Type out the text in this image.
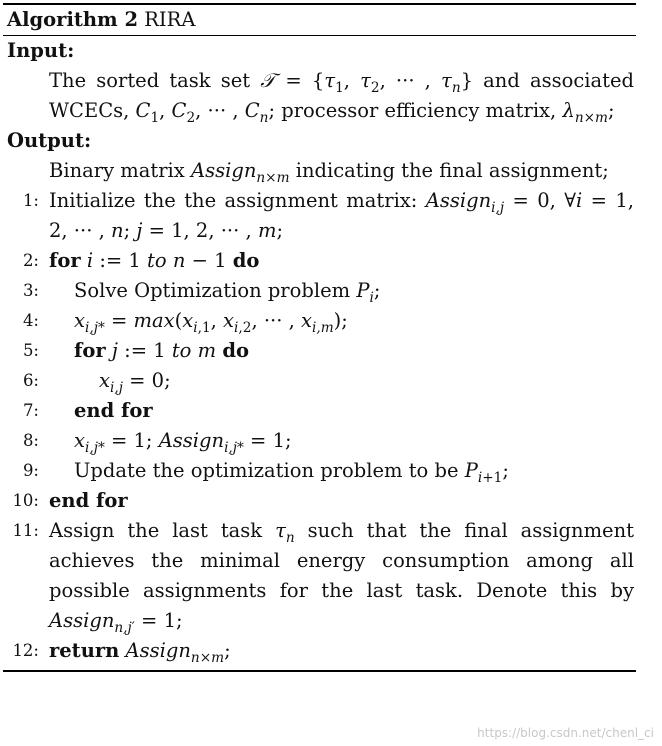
Algorithm 2 RIRA
Input:
The sorted task set 𝒯 = {$\tau_1$, $\tau_2$, ··· , $\tau_n$} and associated WCECs, $C_1$, $C_2$, ··· , $C_n$; processor efficiency matrix, $\lambda_{n\times m}$;
Output:
Binary matrix Assign$_{n\times m}$ indicating the final assignment;
1: Initialize the the assignment matrix: Assign$_{i,j}$ = 0, ∀i = 1, 2, ··· , n; j = 1, 2, ··· , m;
2: for i := 1 to n − 1 do
3: Solve Optimization problem $P_i$;
4: $x_{i,j*} = \max(x_{i,1}$, $x_{i,2}$, ··· , $x_{i,m}$);
5: for j := 1 to m do
6:	$x_{i,j} = 0$;
7: end for
8: $x_{i,j*} = 1$; Assign$_{i,j*}$ = 1;
9: Update the optimization problem to be $P_{i+1}$;
10: end for
11: Assign the last task $\tau_n$ such that the final assignment achieves the minimal energy consumption among all possible assignments for the last task. Denote this by Assign$_{n,j'}$ = 1;
12: return Assign$_{n\times m}$;
https://blog.csdn.net/chenl_ci
